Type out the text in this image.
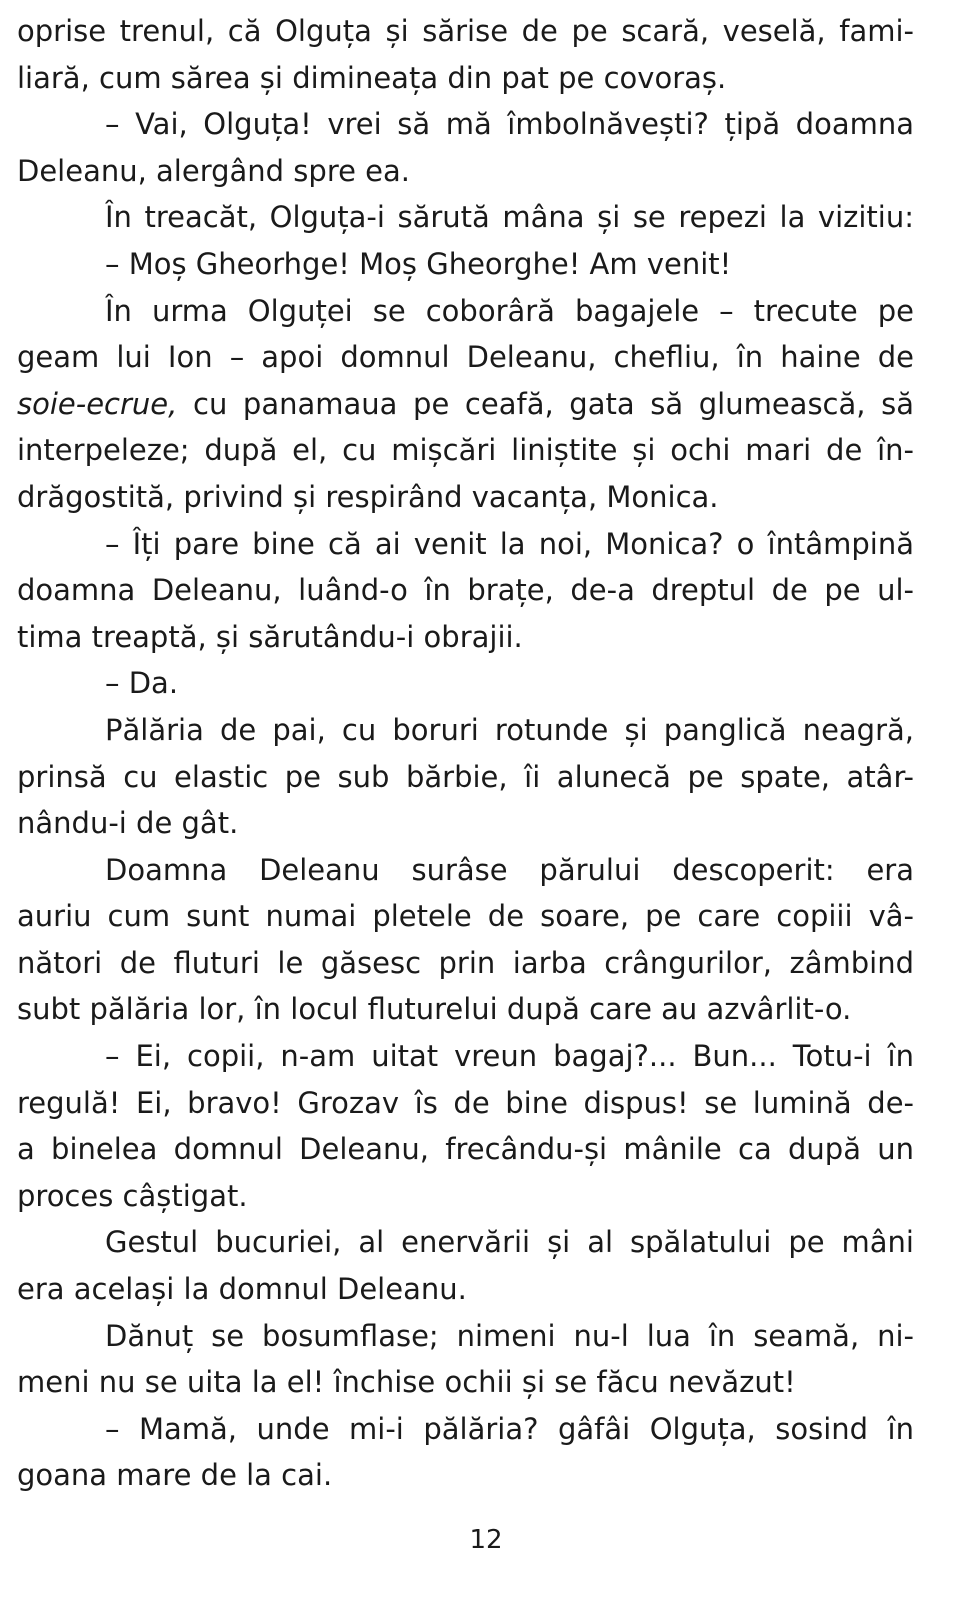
oprise trenul, că Olguța și sărise de pe scară, veselă, fami-
liară, cum sărea și dimineața din pat pe covoraș.
– Vai, Olguța! vrei să mă îmbolnăvești? țipă doamna
Deleanu, alergând spre ea.
În treacăt, Olguța-i sărută mâna și se repezi la vizitiu:
– Moș Gheorhge! Moș Gheorghe! Am venit!
În urma Olguței se coborâră bagajele – trecute pe
geam lui Ion – apoi domnul Deleanu, chefliu, în haine de
soie-ecrue, cu panamaua pe ceafă, gata să glumească, să
interpeleze; după el, cu mișcări liniștite și ochi mari de în-
drăgostită, privind și respirând vacanța, Monica.
– Îți pare bine că ai venit la noi, Monica? o întâmpină
doamna Deleanu, luând-o în brațe, de-a dreptul de pe ul-
tima treaptă, și sărutându-i obrajii.
– Da.
Pălăria de pai, cu boruri rotunde și panglică neagră,
prinsă cu elastic pe sub bărbie, îi alunecă pe spate, atâr-
nându-i de gât.
Doamna Deleanu surâse părului descoperit: era
auriu cum sunt numai pletele de soare, pe care copiii vâ-
nători de fluturi le găsesc prin iarba crângurilor, zâmbind
subt pălăria lor, în locul fluturelui după care au azvârlit-o.
– Ei, copii, n-am uitat vreun bagaj?... Bun... Totu-i în
regulă! Ei, bravo! Grozav îs de bine dispus! se lumină de-
a binelea domnul Deleanu, frecându-și mânile ca după un
proces câștigat.
Gestul bucuriei, al enervării și al spălatului pe mâni
era același la domnul Deleanu.
Dănuț se bosumflase; nimeni nu-l lua în seamă, ni-
meni nu se uita la el! închise ochii și se făcu nevăzut!
– Mamă, unde mi-i pălăria? gâfâi Olguța, sosind în
goana mare de la cai.
12
